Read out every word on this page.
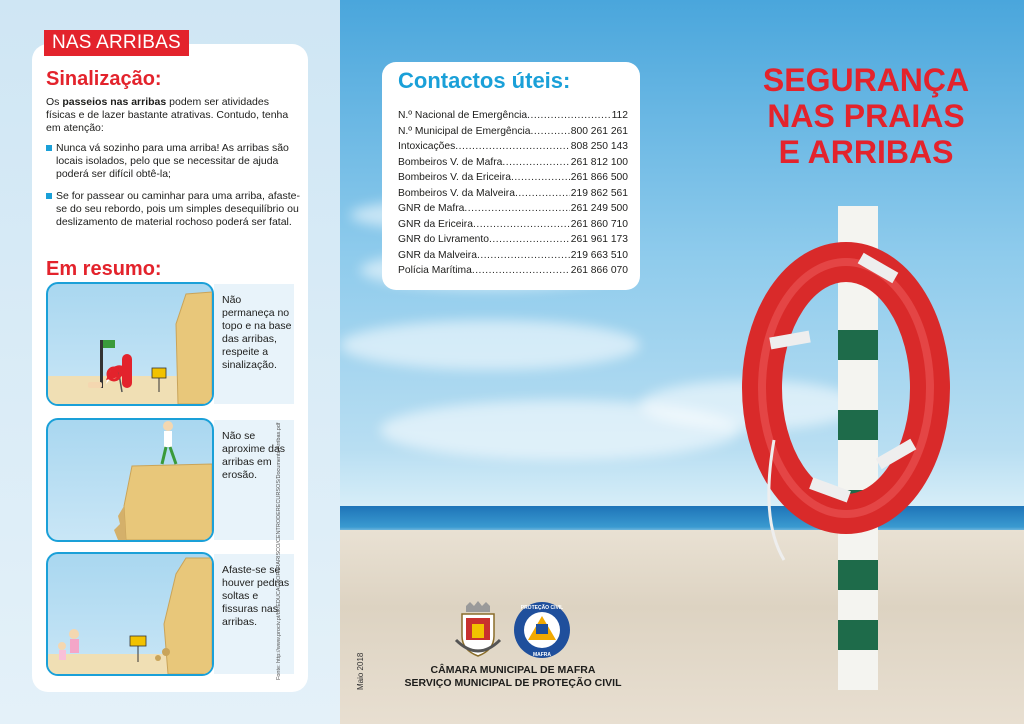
NAS ARRIBAS
Sinalização:
Os passeios nas arribas podem ser atividades físicas e de lazer bastante atrativas. Contudo, tenha em atenção:
Nunca vá sozinho para uma arriba! As arribas são locais isolados, pelo que se necessitar de ajuda poderá ser difícil obtê-la;
Se for passear ou caminhar para uma arriba, afaste-se do seu rebordo, pois um simples desequilíbrio ou deslizamento de material rochoso poderá ser fatal.
Em resumo:
Não permaneça no topo e na base das arribas, respeite a sinalização.
Não se aproxime das arribas em erosão.
Afaste-se se houver pedras soltas e fissuras nas arribas.	Fonte: http://www.prociv.pt/bk/EDUCACAOPARARISCO/CENTRODERECURSOS/Documents/Arribas.pdf
Contactos úteis:
N.º Nacional de Emergência .....	112
N.º Municipal de Emergência .....	800 261 261
Intoxicações .....	808 250 143
Bombeiros V. de Mafra .....	261 812 100
Bombeiros V. da Ericeira .....	261 866 500
Bombeiros V. da Malveira .....	219 862 561
GNR de Mafra .....	261 249 500
GNR da Ericeira .....	261 860 710
GNR do Livramento .....	261 961 173
GNR da Malveira .....	219 663 510
Polícia Marítima .....	261 866 070
SEGURANÇA
NAS PRAIAS
E ARRIBAS
PROTEÇÃO CIVIL
MAFRA
CÂMARA MUNICIPAL DE MAFRA
SERVIÇO MUNICIPAL DE PROTEÇÃO CIVIL
Maio 2018
